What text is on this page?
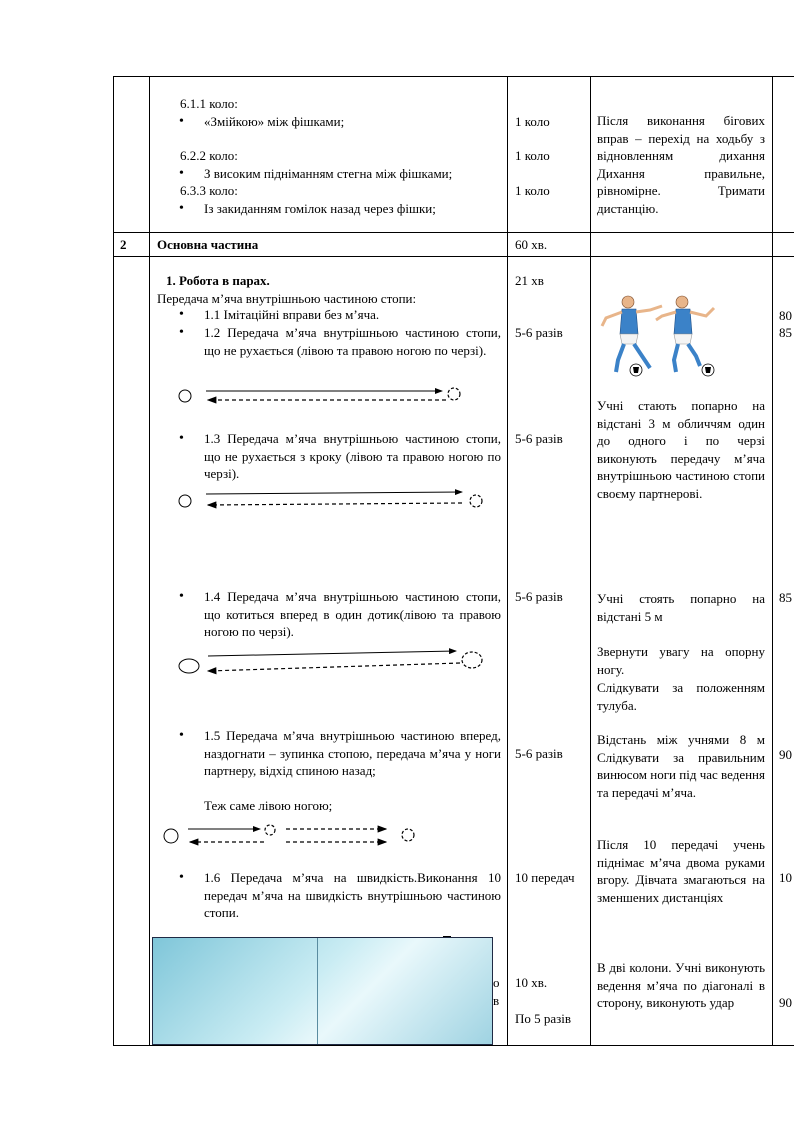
6.1.1 коло:
• «Змійкою» між фішками;
6.2.2 коло:
• З високим підніманням стегна між фішками;
6.3.3 коло:
• Із закиданням гомілок назад через фішки;
1 коло
1 коло
1 коло
Після виконання бігових вправ – перехід на ходьбу з відновленням дихання Дихання правильне, рівномірне. Тримати дистанцію.
2 Основна частина	60 хв.
1. Робота в парах.	21 хв
Передача м’яча внутрішньою частиною стопи:
• 1.1 Імітаційні вправи без м’яча.
• 1.2 Передача м’яча внутрішньою частиною стопи, що не рухається (лівою та правою ногою по черзі).
5-6 разів
• 1.3 Передача м’яча внутрішньою частиною стопи, що не рухається з кроку (лівою та правою ногою по черзі).
5-6 разів
• 1.4 Передача м’яча внутрішньою частиною стопи, що котиться вперед в один дотик(лівою та правою ногою по черзі).
5-6 разів
• 1.5 Передача м’яча внутрішньою частиною вперед, наздогнати – зупинка стопою, передача м’яча у ноги партнеру, відхід спиною назад;
Теж саме лівою ногою;
5-6 разів
• 1.6 Передача м’яча на швидкість.Виконання 10 передач м’яча на швидкість внутрішньою частиною стопи.
10 передач
о
в
10 хв.
По 5 разів
Учні стають попарно на відстані 3 м обличчям один до одного і по черзі виконують передачу м’яча внутрішньою частиною стопи своєму партнерові.
Учні стоять попарно на відстані 5 м
Звернути увагу на опорну ногу.
Слідкувати за положенням тулуба.
Відстань між учнями 8 м Слідкувати за правильним винюсом ноги під час ведення та передачі м’яча.
Після 10 передачі учень піднімає м’яча двома руками вгору. Дівчата змагаються на зменшених дистанціях
В дві колони. Учні виконують ведення м’яча по діагоналі в сторону, виконують удар
80
85
85
90
10
90
